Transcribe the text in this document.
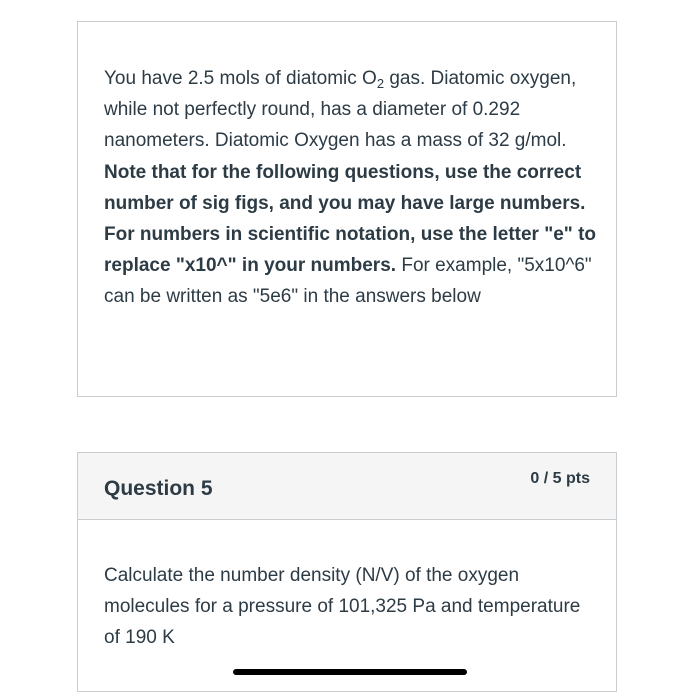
You have 2.5 mols of diatomic $O_2$ gas. Diatomic oxygen, while not perfectly round, has a diameter of 0.292 nanometers. Diatomic Oxygen has a mass of 32 g/mol. Note that for the following questions, use the correct number of sig figs, and you may have large numbers. For numbers in scientific notation, use the letter "e" to replace "x10^" in your numbers. For example, "5x10^6" can be written as "5e6" in the answers below
Question 5	0 / 5 pts
Calculate the number density (N/V) of the oxygen molecules for a pressure of 101,325 Pa and temperature of 190 K
